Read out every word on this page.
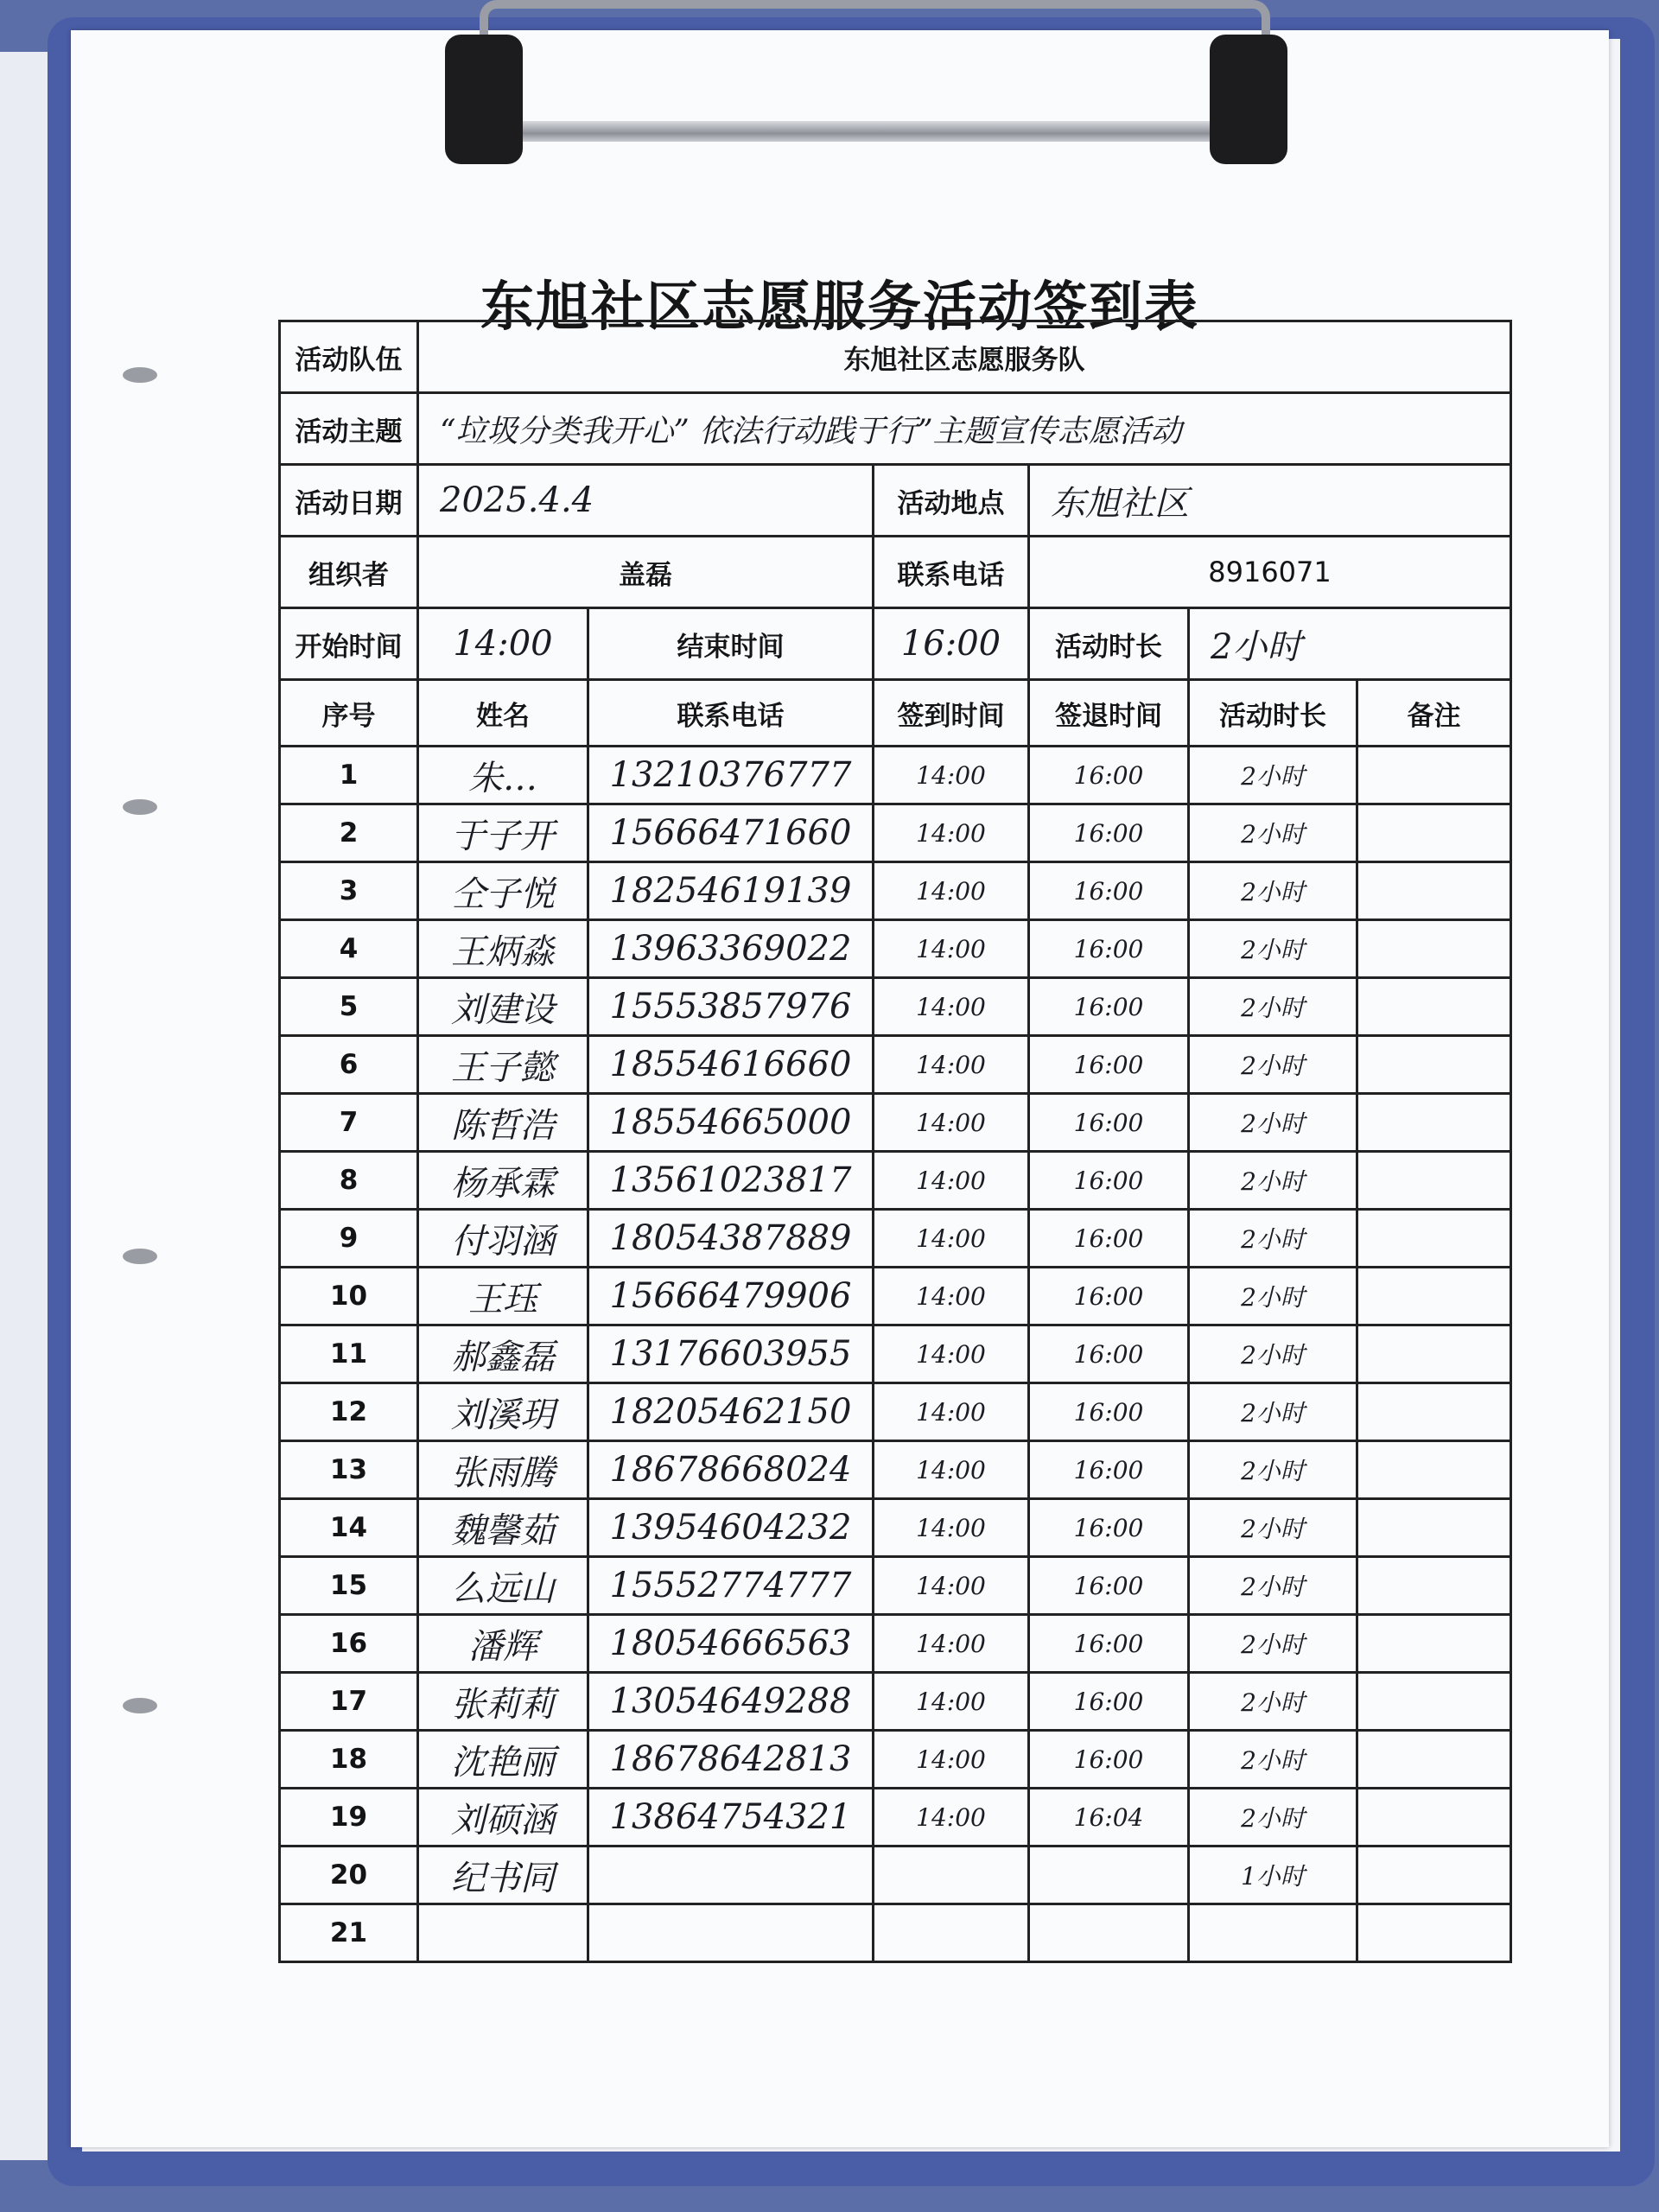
东旭社区志愿服务活动签到表
活动队伍	东旭社区志愿服务队					
活动主题	“垃圾分类我开心” 依法行动践于行”主题宣传志愿活动					
活动日期	2025.4.4		活动地点	东旭社区		
组织者	盖磊		联系电话	8916071		
开始时间	14:00	结束时间	16:00	活动时长	2小时	
序号	姓名	联系电话	签到时间	签退时间	活动时长	备注
1	朱…	13210376777	14:00	16:00	2小时	
2	于子开	15666471660	14:00	16:00	2小时	
3	仝子悦	18254619139	14:00	16:00	2小时	
4	王炳淼	13963369022	14:00	16:00	2小时	
5	刘建设	15553857976	14:00	16:00	2小时	
6	王子懿	18554616660	14:00	16:00	2小时	
7	陈哲浩	18554665000	14:00	16:00	2小时	
8	杨承霖	13561023817	14:00	16:00	2小时	
9	付羽涵	18054387889	14:00	16:00	2小时	
10	王珏	15666479906	14:00	16:00	2小时	
11	郝鑫磊	13176603955	14:00	16:00	2小时	
12	刘溪玥	18205462150	14:00	16:00	2小时	
13	张雨腾	18678668024	14:00	16:00	2小时	
14	魏馨茹	13954604232	14:00	16:00	2小时	
15	么远山	15552774777	14:00	16:00	2小时	
16	潘辉	18054666563	14:00	16:00	2小时	
17	张莉莉	13054649288	14:00	16:00	2小时	
18	沈艳丽	18678642813	14:00	16:00	2小时	
19	刘硕涵	13864754321	14:00	16:04	2小时	
20	纪书同				1小时	
21						
